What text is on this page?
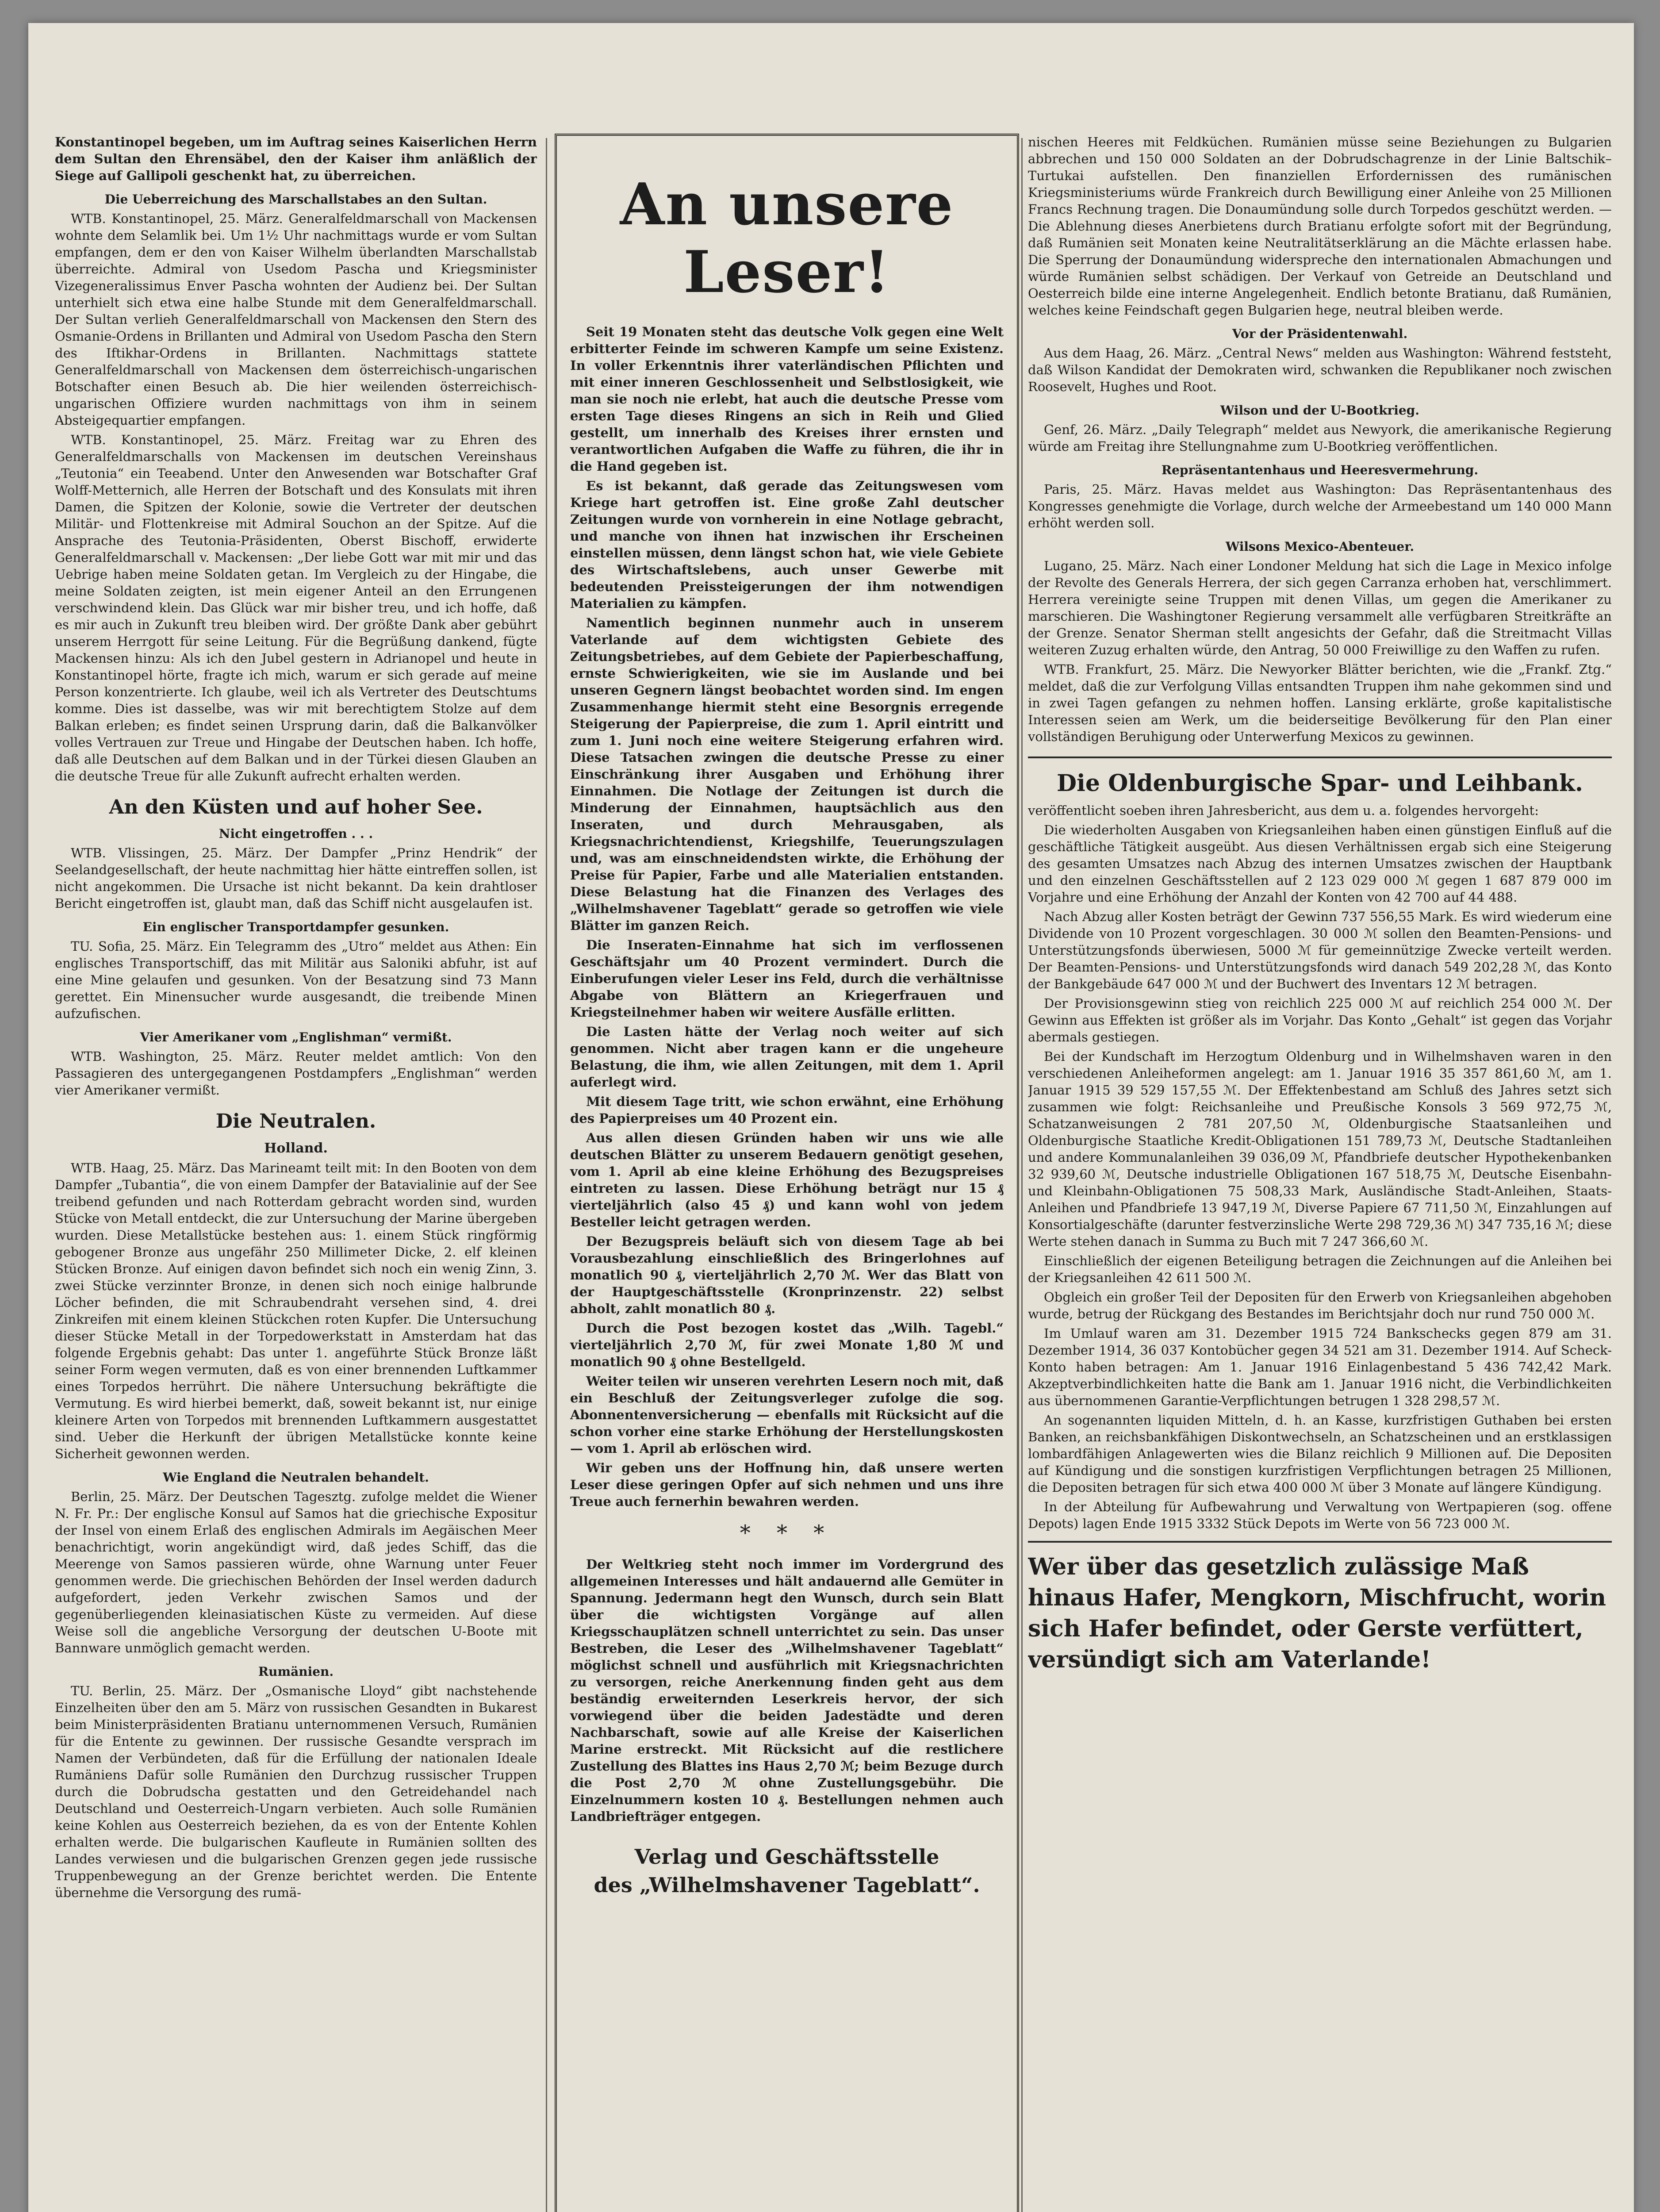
Konstantinopel begeben, um im Auftrag seines Kaiserlichen Herrn dem Sultan den Ehrensäbel, den der Kaiser ihm anläßlich der Siege auf Gallipoli geschenkt hat, zu überreichen.

Die Ueberreichung des Marschallstabes an den Sultan.

WTB. Konstantinopel, 25. März. Generalfeldmarschall von Mackensen wohnte dem Selamlik bei. Um 1½ Uhr nachmittags wurde er vom Sultan empfangen, dem er den von Kaiser Wilhelm überlandten Marschallstab überreichte. Admiral von Usedom Pascha und Kriegsminister Vizegeneralissimus Enver Pascha wohnten der Audienz bei. Der Sultan unterhielt sich etwa eine halbe Stunde mit dem Generalfeldmarschall. Der Sultan verlieh Generalfeldmarschall von Mackensen den Stern des Osmanie-Ordens in Brillanten und Admiral von Usedom Pascha den Stern des Iftikhar-Ordens in Brillanten. Nachmittags stattete Generalfeldmarschall von Mackensen dem österreichisch-ungarischen Botschafter einen Besuch ab. Die hier weilenden österreichisch-ungarischen Offiziere wurden nachmittags von ihm in seinem Absteigequartier empfangen.

WTB. Konstantinopel, 25. März. Freitag war zu Ehren des Generalfeldmarschalls von Mackensen im deutschen Vereinshaus „Teutonia“ ein Teeabend. Unter den Anwesenden war Botschafter Graf Wolff-Metternich, alle Herren der Botschaft und des Konsulats mit ihren Damen, die Spitzen der Kolonie, sowie die Vertreter der deutschen Militär- und Flottenkreise mit Admiral Souchon an der Spitze. Auf die Ansprache des Teutonia-Präsidenten, Oberst Bischoff, erwiderte Generalfeldmarschall v. Mackensen: „Der liebe Gott war mit mir und das Uebrige haben meine Soldaten getan. Im Vergleich zu der Hingabe, die meine Soldaten zeigten, ist mein eigener Anteil an den Errungenen verschwindend klein. Das Glück war mir bisher treu, und ich hoffe, daß es mir auch in Zukunft treu bleiben wird. Der größte Dank aber gebührt unserem Herrgott für seine Leitung. Für die Begrüßung dankend, fügte Mackensen hinzu: Als ich den Jubel gestern in Adrianopel und heute in Konstantinopel hörte, fragte ich mich, warum er sich gerade auf meine Person konzentrierte. Ich glaube, weil ich als Vertreter des Deutschtums komme. Dies ist dasselbe, was wir mit berechtigtem Stolze auf dem Balkan erleben; es findet seinen Ursprung darin, daß die Balkanvölker volles Vertrauen zur Treue und Hingabe der Deutschen haben. Ich hoffe, daß alle Deutschen auf dem Balkan und in der Türkei diesen Glauben an die deutsche Treue für alle Zukunft aufrecht erhalten werden.

An den Küsten und auf hoher See.
Nicht eingetroffen . . .

WTB. Vlissingen, 25. März. Der Dampfer „Prinz Hendrik“ der Seelandgesellschaft, der heute nachmittag hier hätte eintreffen sollen, ist nicht angekommen. Die Ursache ist nicht bekannt. Da kein drahtloser Bericht eingetroffen ist, glaubt man, daß das Schiff nicht ausgelaufen ist.

Ein englischer Transportdampfer gesunken.

TU. Sofia, 25. März. Ein Telegramm des „Utro“ meldet aus Athen: Ein englisches Transportschiff, das mit Militär aus Saloniki abfuhr, ist auf eine Mine gelaufen und gesunken. Von der Besatzung sind 73 Mann gerettet. Ein Minensucher wurde ausgesandt, die treibende Minen aufzufischen.

Vier Amerikaner vom „Englishman“ vermißt.

WTB. Washington, 25. März. Reuter meldet amtlich: Von den Passagieren des untergegangenen Postdampfers „Englishman“ werden vier Amerikaner vermißt.

Die Neutralen.
Holland.

WTB. Haag, 25. März. Das Marineamt teilt mit: In den Booten von dem Dampfer „Tubantia“, die von einem Dampfer der Batavialinie auf der See treibend gefunden und nach Rotterdam gebracht worden sind, wurden Stücke von Metall entdeckt, die zur Untersuchung der Marine übergeben wurden. Diese Metallstücke bestehen aus: 1. einem Stück ringförmig gebogener Bronze aus ungefähr 250 Millimeter Dicke, 2. elf kleinen Stücken Bronze. Auf einigen davon befindet sich noch ein wenig Zinn, 3. zwei Stücke verzinnter Bronze, in denen sich noch einige halbrunde Löcher befinden, die mit Schraubendraht versehen sind, 4. drei Zinkreifen mit einem kleinen Stückchen roten Kupfer. Die Untersuchung dieser Stücke Metall in der Torpedowerkstatt in Amsterdam hat das folgende Ergebnis gehabt: Das unter 1. angeführte Stück Bronze läßt seiner Form wegen vermuten, daß es von einer brennenden Luftkammer eines Torpedos herrührt. Die nähere Untersuchung bekräftigte die Vermutung. Es wird hierbei bemerkt, daß, soweit bekannt ist, nur einige kleinere Arten von Torpedos mit brennenden Luftkammern ausgestattet sind. Ueber die Herkunft der übrigen Metallstücke konnte keine Sicherheit gewonnen werden.

Wie England die Neutralen behandelt.

Berlin, 25. März. Der Deutschen Tagesztg. zufolge meldet die Wiener N. Fr. Pr.: Der englische Konsul auf Samos hat die griechische Expositur der Insel von einem Erlaß des englischen Admirals im Aegäischen Meer benachrichtigt, worin angekündigt wird, daß jedes Schiff, das die Meerenge von Samos passieren würde, ohne Warnung unter Feuer genommen werde. Die griechischen Behörden der Insel werden dadurch aufgefordert, jeden Verkehr zwischen Samos und der gegenüberliegenden kleinasiatischen Küste zu vermeiden. Auf diese Weise soll die angebliche Versorgung der deutschen U-Boote mit Bannware unmöglich gemacht werden.

Rumänien.

TU. Berlin, 25. März. Der „Osmanische Lloyd“ gibt nachstehende Einzelheiten über den am 5. März von russischen Gesandten in Bukarest beim Ministerpräsidenten Bratianu unternommenen Versuch, Rumänien für die Entente zu gewinnen. Der russische Gesandte versprach im Namen der Verbündeten, daß für die Erfüllung der nationalen Ideale Rumäniens Dafür solle Rumänien den Durchzug russischer Truppen durch die Dobrudscha gestatten und den Getreidehandel nach Deutschland und Oesterreich-Ungarn verbieten. Auch solle Rumänien keine Kohlen aus Oesterreich beziehen, da es von der Entente Kohlen erhalten werde. Die bulgarischen Kaufleute in Rumänien sollten des Landes verwiesen und die bulgarischen Grenzen gegen jede russische Truppenbewegung an der Grenze berichtet werden. Die Entente übernehme die Versorgung des rumä-

An unsere Leser!

Seit 19 Monaten steht das deutsche Volk gegen eine Welt erbitterter Feinde im schweren Kampfe um seine Existenz. In voller Erkenntnis ihrer vaterländischen Pflichten und mit einer inneren Geschlossenheit und Selbstlosigkeit, wie man sie noch nie erlebt, hat auch die deutsche Presse vom ersten Tage dieses Ringens an sich in Reih und Glied gestellt, um innerhalb des Kreises ihrer ernsten und verantwortlichen Aufgaben die Waffe zu führen, die ihr in die Hand gegeben ist.

Es ist bekannt, daß gerade das Zeitungswesen vom Kriege hart getroffen ist. Eine große Zahl deutscher Zeitungen wurde von vornherein in eine Notlage gebracht, und manche von ihnen hat inzwischen ihr Erscheinen einstellen müssen, denn längst schon hat, wie viele Gebiete des Wirtschaftslebens, auch unser Gewerbe mit bedeutenden Preissteigerungen der ihm notwendigen Materialien zu kämpfen.

Namentlich beginnen nunmehr auch in unserem Vaterlande auf dem wichtigsten Gebiete des Zeitungsbetriebes, auf dem Gebiete der Papierbeschaffung, ernste Schwierigkeiten, wie sie im Auslande und bei unseren Gegnern längst beobachtet worden sind. Im engen Zusammenhange hiermit steht eine Besorgnis erregende Steigerung der Papierpreise, die zum 1. April eintritt und zum 1. Juni noch eine weitere Steigerung erfahren wird. Diese Tatsachen zwingen die deutsche Presse zu einer Einschränkung ihrer Ausgaben und Erhöhung ihrer Einnahmen. Die Notlage der Zeitungen ist durch die Minderung der Einnahmen, hauptsächlich aus den Inseraten, und durch Mehrausgaben, als Kriegsnachrichtendienst, Kriegshilfe, Teuerungszulagen und, was am einschneidendsten wirkte, die Erhöhung der Preise für Papier, Farbe und alle Materialien entstanden. Diese Belastung hat die Finanzen des Verlages des „Wilhelmshavener Tageblatt“ gerade so getroffen wie viele Blätter im ganzen Reich.

Die Inseraten-Einnahme hat sich im verflossenen Geschäftsjahr um 40 Prozent vermindert. Durch die Einberufungen vieler Leser ins Feld, durch die verhältnisse Abgabe von Blättern an Kriegerfrauen und Kriegsteilnehmer haben wir weitere Ausfälle erlitten.

Die Lasten hätte der Verlag noch weiter auf sich genommen. Nicht aber tragen kann er die ungeheure Belastung, die ihm, wie allen Zeitungen, mit dem 1. April auferlegt wird.

Mit diesem Tage tritt, wie schon erwähnt, eine Erhöhung des Papierpreises um 40 Prozent ein.

Aus allen diesen Gründen haben wir uns wie alle deutschen Blätter zu unserem Bedauern genötigt gesehen, vom 1. April ab eine kleine Erhöhung des Bezugspreises eintreten zu lassen. Diese Erhöhung beträgt nur 15 ₰ vierteljährlich (also 45 ₰) und kann wohl von jedem Besteller leicht getragen werden.

Der Bezugspreis beläuft sich von diesem Tage ab bei Vorausbezahlung einschließlich des Bringerlohnes auf monatlich 90 ₰, vierteljährlich 2,70 ℳ. Wer das Blatt von der Hauptgeschäftsstelle (Kronprinzenstr. 22) selbst abholt, zahlt monatlich 80 ₰.

Durch die Post bezogen kostet das „Wilh. Tagebl.“ vierteljährlich 2,70 ℳ, für zwei Monate 1,80 ℳ und monatlich 90 ₰ ohne Bestellgeld.

Weiter teilen wir unseren verehrten Lesern noch mit, daß ein Beschluß der Zeitungsverleger zufolge die sog. Abonnentenversicherung — ebenfalls mit Rücksicht auf die schon vorher eine starke Erhöhung der Herstellungskosten — vom 1. April ab erlöschen wird.

Wir geben uns der Hoffnung hin, daß unsere werten Leser diese geringen Opfer auf sich nehmen und uns ihre Treue auch fernerhin bewahren werden.

* * *

Der Weltkrieg steht noch immer im Vordergrund des allgemeinen Interesses und hält andauernd alle Gemüter in Spannung. Jedermann hegt den Wunsch, durch sein Blatt über die wichtigsten Vorgänge auf allen Kriegsschauplätzen schnell unterrichtet zu sein. Das unser Bestreben, die Leser des „Wilhelmshavener Tageblatt“ möglichst schnell und ausführlich mit Kriegsnachrichten zu versorgen, reiche Anerkennung finden geht aus dem beständig erweiternden Leserkreis hervor, der sich vorwiegend über die beiden Jadestädte und deren Nachbarschaft, sowie auf alle Kreise der Kaiserlichen Marine erstreckt. Mit Rücksicht auf die restlichere Zustellung des Blattes ins Haus 2,70 ℳ; beim Bezuge durch die Post 2,70 ℳ ohne Zustellungsgebühr. Die Einzelnummern kosten 10 ₰. Bestellungen nehmen auch Landbriefträger entgegen.

Verlag und Geschäftsstelle
des „Wilhelmshavener Tageblatt“.

nischen Heeres mit Feldküchen. Rumänien müsse seine Beziehungen zu Bulgarien abbrechen und 150 000 Soldaten an der Dobrudschagrenze in der Linie Baltschik–Turtukai aufstellen. Den finanziellen Erfordernissen des rumänischen Kriegsministeriums würde Frankreich durch Bewilligung einer Anleihe von 25 Millionen Francs Rechnung tragen. Die Donaumündung solle durch Torpedos geschützt werden. — Die Ablehnung dieses Anerbietens durch Bratianu erfolgte sofort mit der Begründung, daß Rumänien seit Monaten keine Neutralitätserklärung an die Mächte erlassen habe. Die Sperrung der Donaumündung widerspreche den internationalen Abmachungen und würde Rumänien selbst schädigen. Der Verkauf von Getreide an Deutschland und Oesterreich bilde eine interne Angelegenheit. Endlich betonte Bratianu, daß Rumänien, welches keine Feindschaft gegen Bulgarien hege, neutral bleiben werde.

Vor der Präsidentenwahl.

Aus dem Haag, 26. März. „Central News“ melden aus Washington: Während feststeht, daß Wilson Kandidat der Demokraten wird, schwanken die Republikaner noch zwischen Roosevelt, Hughes und Root.

Wilson und der U-Bootkrieg.

Genf, 26. März. „Daily Telegraph“ meldet aus Newyork, die amerikanische Regierung würde am Freitag ihre Stellungnahme zum U-Bootkrieg veröffentlichen.

Repräsentantenhaus und Heeresvermehrung.

Paris, 25. März. Havas meldet aus Washington: Das Repräsentantenhaus des Kongresses genehmigte die Vorlage, durch welche der Armeebestand um 140 000 Mann erhöht werden soll.

Wilsons Mexico-Abenteuer.

Lugano, 25. März. Nach einer Londoner Meldung hat sich die Lage in Mexico infolge der Revolte des Generals Herrera, der sich gegen Carranza erhoben hat, verschlimmert. Herrera vereinigte seine Truppen mit denen Villas, um gegen die Amerikaner zu marschieren. Die Washingtoner Regierung versammelt alle verfügbaren Streitkräfte an der Grenze. Senator Sherman stellt angesichts der Gefahr, daß die Streitmacht Villas weiteren Zuzug erhalten würde, den Antrag, 50 000 Freiwillige zu den Waffen zu rufen.

WTB. Frankfurt, 25. März. Die Newyorker Blätter berichten, wie die „Frankf. Ztg.“ meldet, daß die zur Verfolgung Villas entsandten Truppen ihm nahe gekommen sind und in zwei Tagen gefangen zu nehmen hoffen. Lansing erklärte, große kapitalistische Interessen seien am Werk, um die beiderseitige Bevölkerung für den Plan einer vollständigen Beruhigung oder Unterwerfung Mexicos zu gewinnen.

Die Oldenburgische Spar- und Leihbank.

veröffentlicht soeben ihren Jahresbericht, aus dem u. a. folgendes hervorgeht:

Die wiederholten Ausgaben von Kriegsanleihen haben einen günstigen Einfluß auf die geschäftliche Tätigkeit ausgeübt. Aus diesen Verhältnissen ergab sich eine Steigerung des gesamten Umsatzes nach Abzug des internen Umsatzes zwischen der Hauptbank und den einzelnen Geschäftsstellen auf 2 123 029 000 ℳ gegen 1 687 879 000 im Vorjahre und eine Erhöhung der Anzahl der Konten von 42 700 auf 44 488.

Nach Abzug aller Kosten beträgt der Gewinn 737 556,55 Mark. Es wird wiederum eine Dividende von 10 Prozent vorgeschlagen. 30 000 ℳ sollen den Beamten-Pensions- und Unterstützungsfonds überwiesen, 5000 ℳ für gemeinnützige Zwecke verteilt werden. Der Beamten-Pensions- und Unterstützungsfonds wird danach 549 202,28 ℳ, das Konto der Bankgebäude 647 000 ℳ und der Buchwert des Inventars 12 ℳ betragen.

Der Provisionsgewinn stieg von reichlich 225 000 ℳ auf reichlich 254 000 ℳ. Der Gewinn aus Effekten ist größer als im Vorjahr. Das Konto „Gehalt“ ist gegen das Vorjahr abermals gestiegen.

Bei der Kundschaft im Herzogtum Oldenburg und in Wilhelmshaven waren in den verschiedenen Anleiheformen angelegt: am 1. Januar 1916 35 357 861,60 ℳ, am 1. Januar 1915 39 529 157,55 ℳ. Der Effektenbestand am Schluß des Jahres setzt sich zusammen wie folgt: Reichsanleihe und Preußische Konsols 3 569 972,75 ℳ, Schatzanweisungen 2 781 207,50 ℳ, Oldenburgische Staatsanleihen und Oldenburgische Staatliche Kredit-Obligationen 151 789,73 ℳ, Deutsche Stadtanleihen und andere Kommunalanleihen 39 036,09 ℳ, Pfandbriefe deutscher Hypothekenbanken 32 939,60 ℳ, Deutsche industrielle Obligationen 167 518,75 ℳ, Deutsche Eisenbahn- und Kleinbahn-Obligationen 75 508,33 Mark, Ausländische Stadt-Anleihen, Staats-Anleihen und Pfandbriefe 13 947,19 ℳ, Diverse Papiere 67 711,50 ℳ, Einzahlungen auf Konsortialgeschäfte (darunter festverzinsliche Werte 298 729,36 ℳ) 347 735,16 ℳ; diese Werte stehen danach in Summa zu Buch mit 7 247 366,60 ℳ.

Einschließlich der eigenen Beteiligung betragen die Zeichnungen auf die Anleihen bei der Kriegsanleihen 42 611 500 ℳ.

Obgleich ein großer Teil der Depositen für den Erwerb von Kriegsanleihen abgehoben wurde, betrug der Rückgang des Bestandes im Berichtsjahr doch nur rund 750 000 ℳ.

Im Umlauf waren am 31. Dezember 1915 724 Bankschecks gegen 879 am 31. Dezember 1914, 36 037 Kontobücher gegen 34 521 am 31. Dezember 1914. Auf Scheck-Konto haben betragen: Am 1. Januar 1916 Einlagenbestand 5 436 742,42 Mark. Akzeptverbindlichkeiten hatte die Bank am 1. Januar 1916 nicht, die Verbindlichkeiten aus übernommenen Garantie-Verpflichtungen betrugen 1 328 298,57 ℳ.

An sogenannten liquiden Mitteln, d. h. an Kasse, kurzfristigen Guthaben bei ersten Banken, an reichsbankfähigen Diskontwechseln, an Schatzscheinen und an erstklassigen lombardfähigen Anlagewerten wies die Bilanz reichlich 9 Millionen auf. Die Depositen auf Kündigung und die sonstigen kurzfristigen Verpflichtungen betragen 25 Millionen, die Depositen betragen für sich etwa 400 000 ℳ über 3 Monate auf längere Kündigung.

In der Abteilung für Aufbewahrung und Verwaltung von Wertpapieren (sog. offene Depots) lagen Ende 1915 3332 Stück Depots im Werte von 56 723 000 ℳ.

Wer über das gesetzlich zulässige Maß hinaus Hafer, Mengkorn, Mischfrucht, worin sich Hafer befindet, oder Gerste verfüttert, versündigt sich am Vaterlande!
